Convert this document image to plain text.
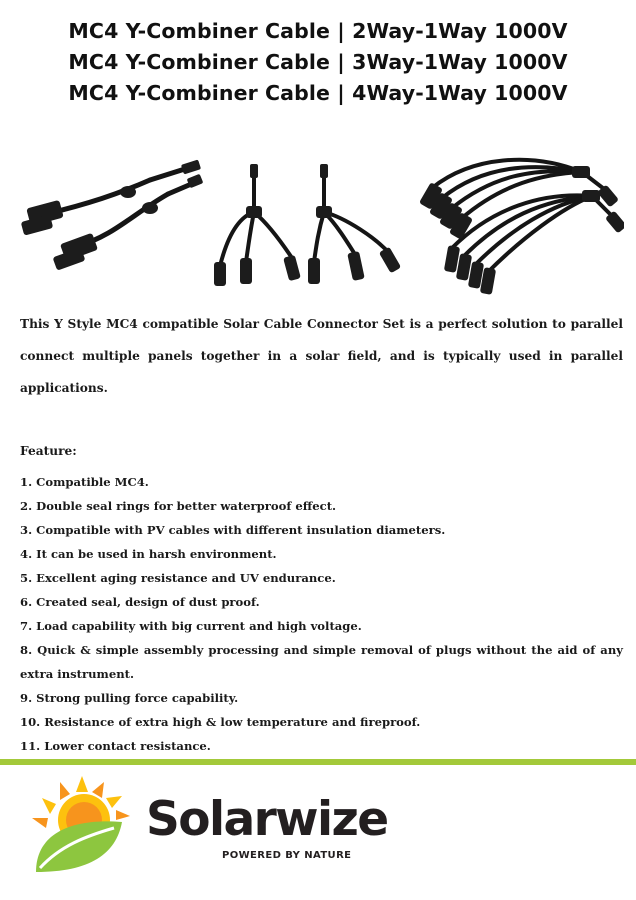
MC4 Y-Combiner Cable | 2Way-1Way 1000V
MC4 Y-Combiner Cable | 3Way-1Way 1000V
MC4 Y-Combiner Cable | 4Way-1Way 1000V

This Y Style MC4 compatible Solar Cable Connector Set is a perfect solution to parallel connect multiple panels together in a solar field, and is typically used in parallel applications.

Feature:

1. Compatible MC4.
2. Double seal rings for better waterproof effect.
3. Compatible with PV cables with different insulation diameters.
4. It can be used in harsh environment.
5. Excellent aging resistance and UV endurance.
6. Created seal, design of dust proof.
7. Load capability with big current and high voltage.
8. Quick & simple assembly processing and simple removal of plugs without the aid of any extra instrument.
9. Strong pulling force capability.
10. Resistance of extra high & low temperature and fireproof.
11. Lower contact resistance.
Solarwize
POWERED BY NATURE
